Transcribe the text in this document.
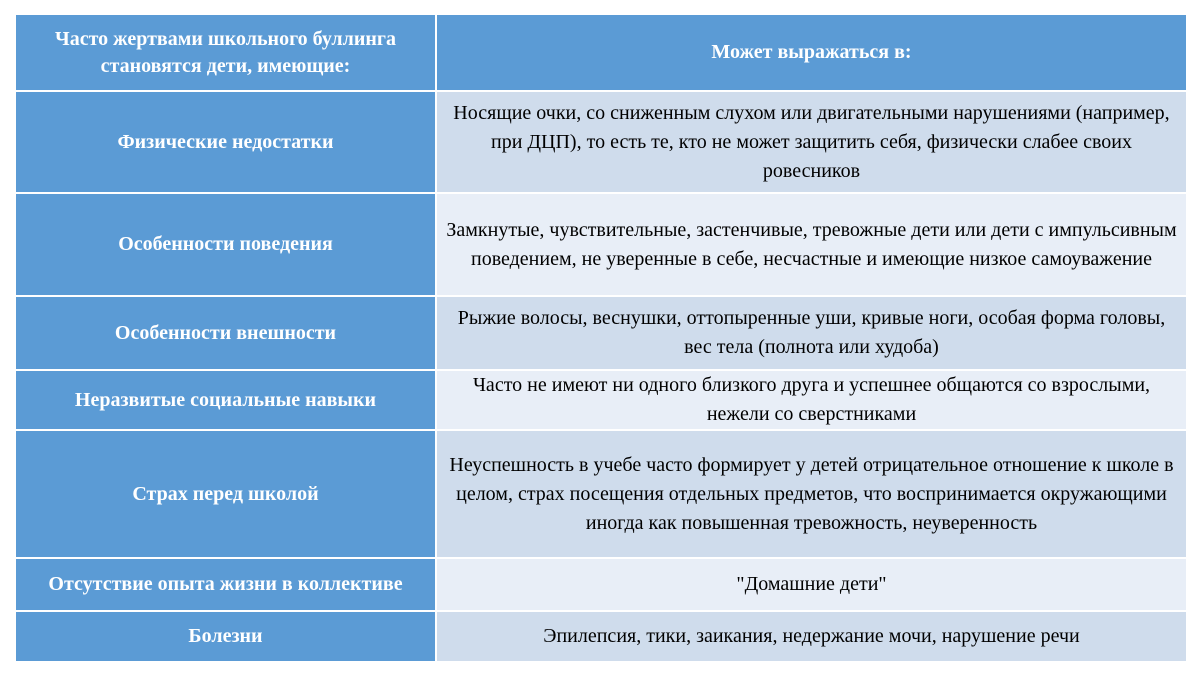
Часто жертвами школьного буллинга становятся дети, имеющие:	Может выражаться в:
Физические недостатки	Носящие очки, со сниженным слухом или двигательными нарушениями (например, при ДЦП), то есть те, кто не может защитить себя, физически слабее своих ровесников
Особенности поведения	Замкнутые, чувствительные, застенчивые, тревожные дети или дети с импульсивным поведением, не уверенные в себе, несчастные и имеющие низкое самоуважение
Особенности внешности	Рыжие волосы, веснушки, оттопыренные уши, кривые ноги, особая форма головы, вес тела (полнота или худоба)
Неразвитые социальные навыки	Часто не имеют ни одного близкого друга и успешнее общаются со взрослыми, нежели со сверстниками
Страх перед школой	Неуспешность в учебе часто формирует у детей отрицательное отношение к школе в целом, страх посещения отдельных предметов, что воспринимается окружающими иногда как повышенная тревожность, неуверенность
Отсутствие опыта жизни в коллективе	"Домашние дети"
Болезни	Эпилепсия, тики, заикания, недержание мочи, нарушение речи
